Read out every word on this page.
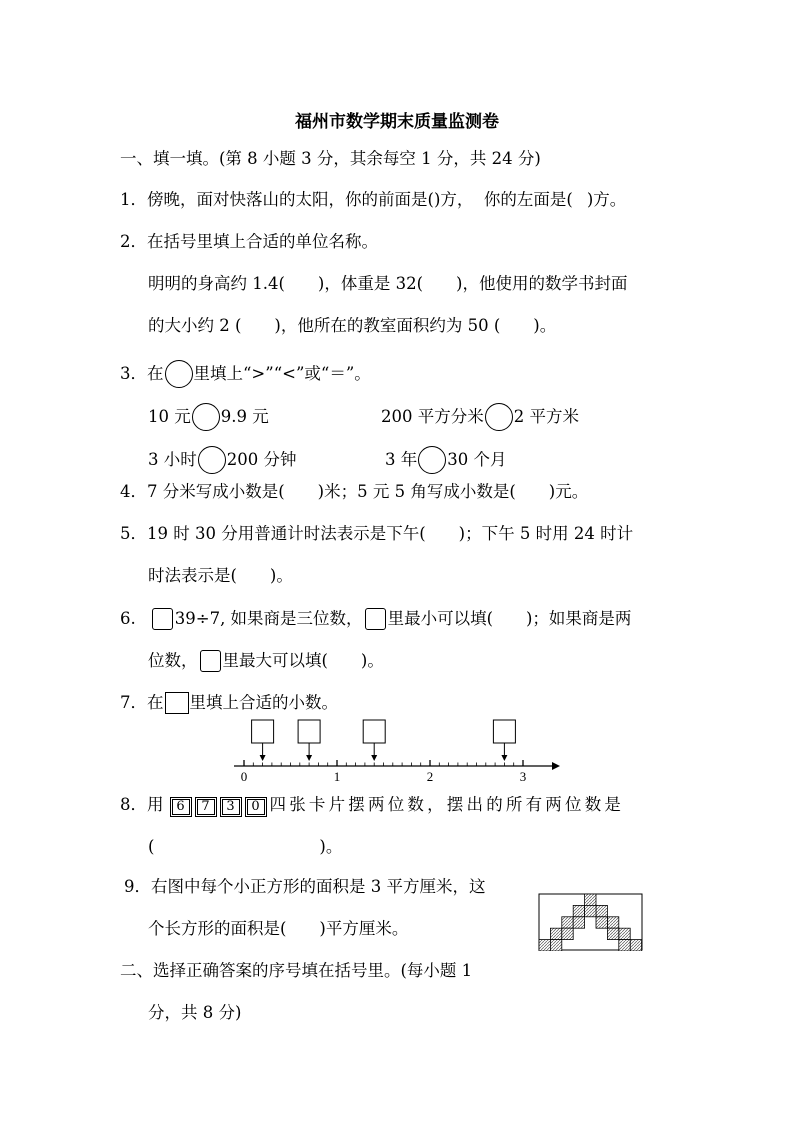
福州市数学期末质量监测卷
一、填一填。(第 8 小题 3 分，其余每空 1 分，共 24 分)
1．傍晚，面对快落山的太阳，你的前面是()方，  你的左面是( )方。
2．在括号里填上合适的单位名称。
明明的身高约 1.4(　　)，体重是 32(　　)，他使用的数学书封面
的大小约 2 (　　)，他所在的教室面积约为 50 (　　)。
3．在 里填上“>”“<”或“＝”。
10 元 9.9 元	200 平方分米 2 平方米
3 小时 200 分钟	3 年 30 个月
4．7 分米写成小数是(　　)米；5 元 5 角写成小数是(　　)元。
5．19 时 30 分用普通计时法表示是下午(　　)；下午 5 时用 24 时计
时法表示是(　　)。
6. 39÷7, 如果商是三位数， 里最小可以填(　　)；如果商是两
位数， 里最大可以填(　　)。
7．在 里填上合适的小数。
0	1	2	3
8．用 6 7 3 0 四张卡片摆两位数，摆出的所有两位数是
(　　　　　　　　　　)。
9．右图中每个小正方形的面积是 3 平方厘米，这
个长方形的面积是(　　)平方厘米。
二、选择正确答案的序号填在括号里。(每小题 1
分，共 8 分)
